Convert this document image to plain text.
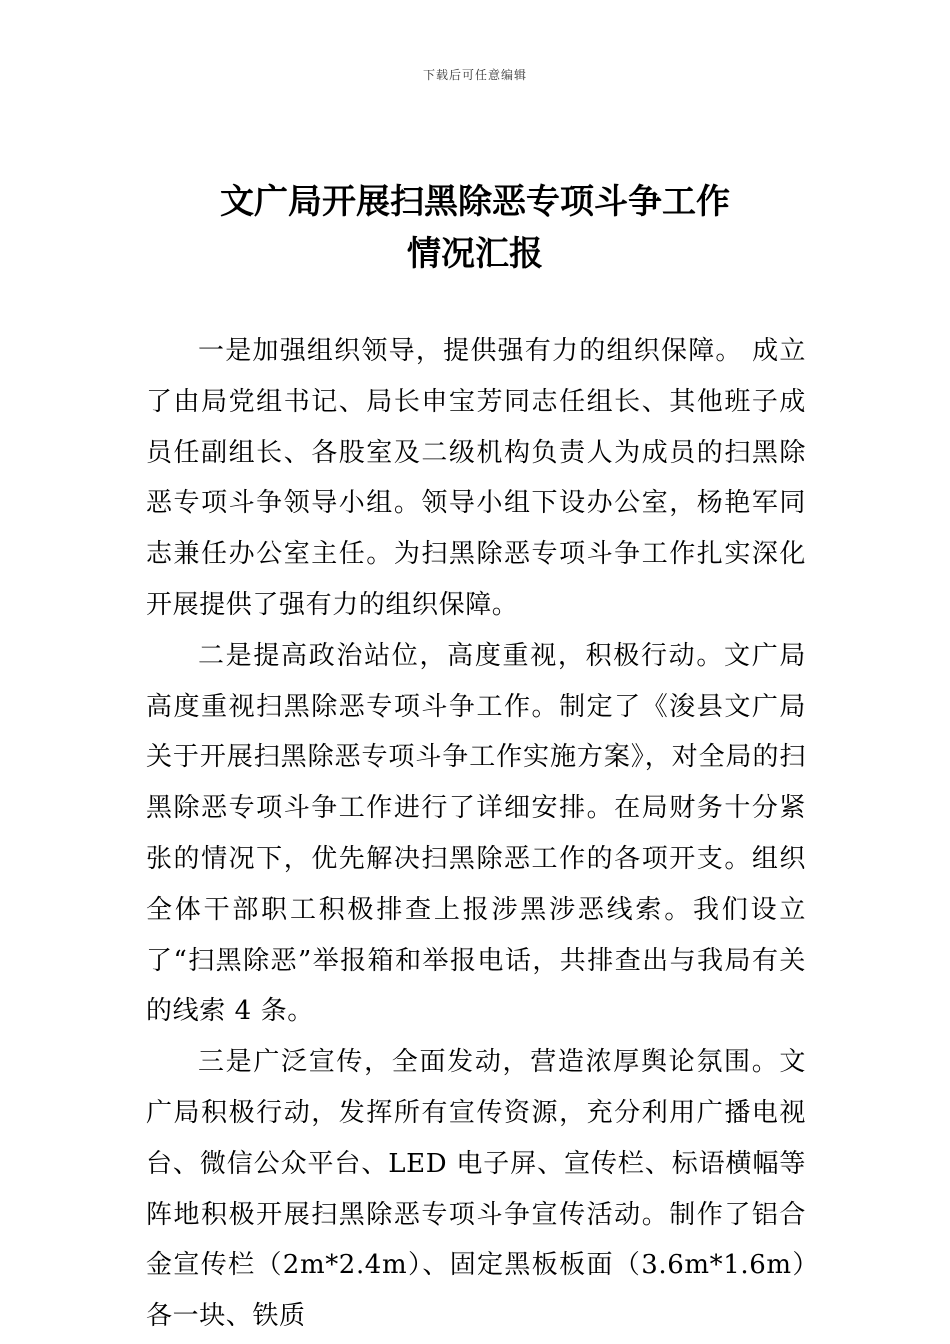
下载后可任意编辑
文广局开展扫黑除恶专项斗争工作
情况汇报

一是加强组织领导，提供强有力的组织保障。 成立了由局党组书记、局长申宝芳同志任组长、其他班子成员任副组长、各股室及二级机构负责人为成员的扫黑除恶专项斗争领导小组。领导小组下设办公室，杨艳军同志兼任办公室主任。为扫黑除恶专项斗争工作扎实深化开展提供了强有力的组织保障。

二是提高政治站位，高度重视，积极行动。文广局高度重视扫黑除恶专项斗争工作。制定了《浚县文广局关于开展扫黑除恶专项斗争工作实施方案》，对全局的扫黑除恶专项斗争工作进行了详细安排。在局财务十分紧张的情况下，优先解决扫黑除恶工作的各项开支。组织全体干部职工积极排查上报涉黑涉恶线索。我们设立了“扫黑除恶”举报箱和举报电话，共排查出与我局有关的线索 4 条。

三是广泛宣传，全面发动，营造浓厚舆论氛围。文广局积极行动，发挥所有宣传资源，充分利用广播电视台、微信公众平台、LED 电子屏、宣传栏、标语横幅等阵地积极开展扫黑除恶专项斗争宣传活动。制作了铝合金宣传栏（2m*2.4m）、固定黑板板面（3.6m*1.6m）各一块、铁质
